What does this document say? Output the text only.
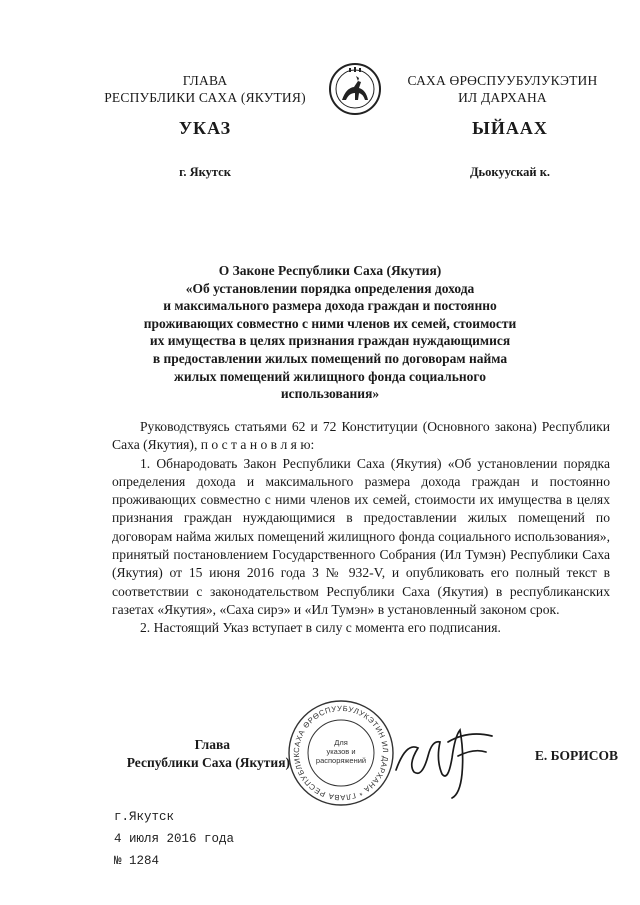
ГЛАВА
РЕСПУБЛИКИ САХА (ЯКУТИЯ)
САХА ӨРӨСПУУБУЛУКЭТИН
ИЛ ДАРХАНА
УКАЗ	ЫЙААХ
г. Якутск	Дьокуускай к.
О Законе Республики Саха (Якутия)
«Об установлении порядка определения дохода
и максимального размера дохода граждан и постоянно
проживающих совместно с ними членов их семей, стоимости
их имущества в целях признания граждан нуждающимися
в предоставлении жилых помещений по договорам найма
жилых помещений жилищного фонда социального
использования»

Руководствуясь статьями 62 и 72 Конституции (Основного закона) Республики Саха (Якутия), п о с т а н о в л я ю:

1. Обнародовать Закон Республики Саха (Якутия) «Об установлении порядка определения дохода и максимального размера дохода граждан и постоянно проживающих совместно с ними членов их семей, стоимости их имущества в целях признания граждан нуждающимися в предоставлении жилых помещений по договорам найма жилых помещений жилищного фонда социального использования», принятый постановлением Государственного Собрания (Ил Тумэн) Республики Саха (Якутия) от 15 июня 2016 года З № 932-V, и опубликовать его полный текст в соответствии с законодательством Республики Саха (Якутия) в республиканских газетах «Якутия», «Саха сирэ» и «Ил Тумэн» в установленный законом срок.

2. Настоящий Указ вступает в силу с момента его подписания.

Глава
Республики Саха (Якутия)
САХА ӨРӨСПУУБУЛУКЭТИН ИЛ ДАРХАНА * ГЛАВА РЕСПУБЛИК
Для
указов и
распоряжений	Е. БОРИСОВ
г.Якутск
4 июля 2016 года
№ 1284
